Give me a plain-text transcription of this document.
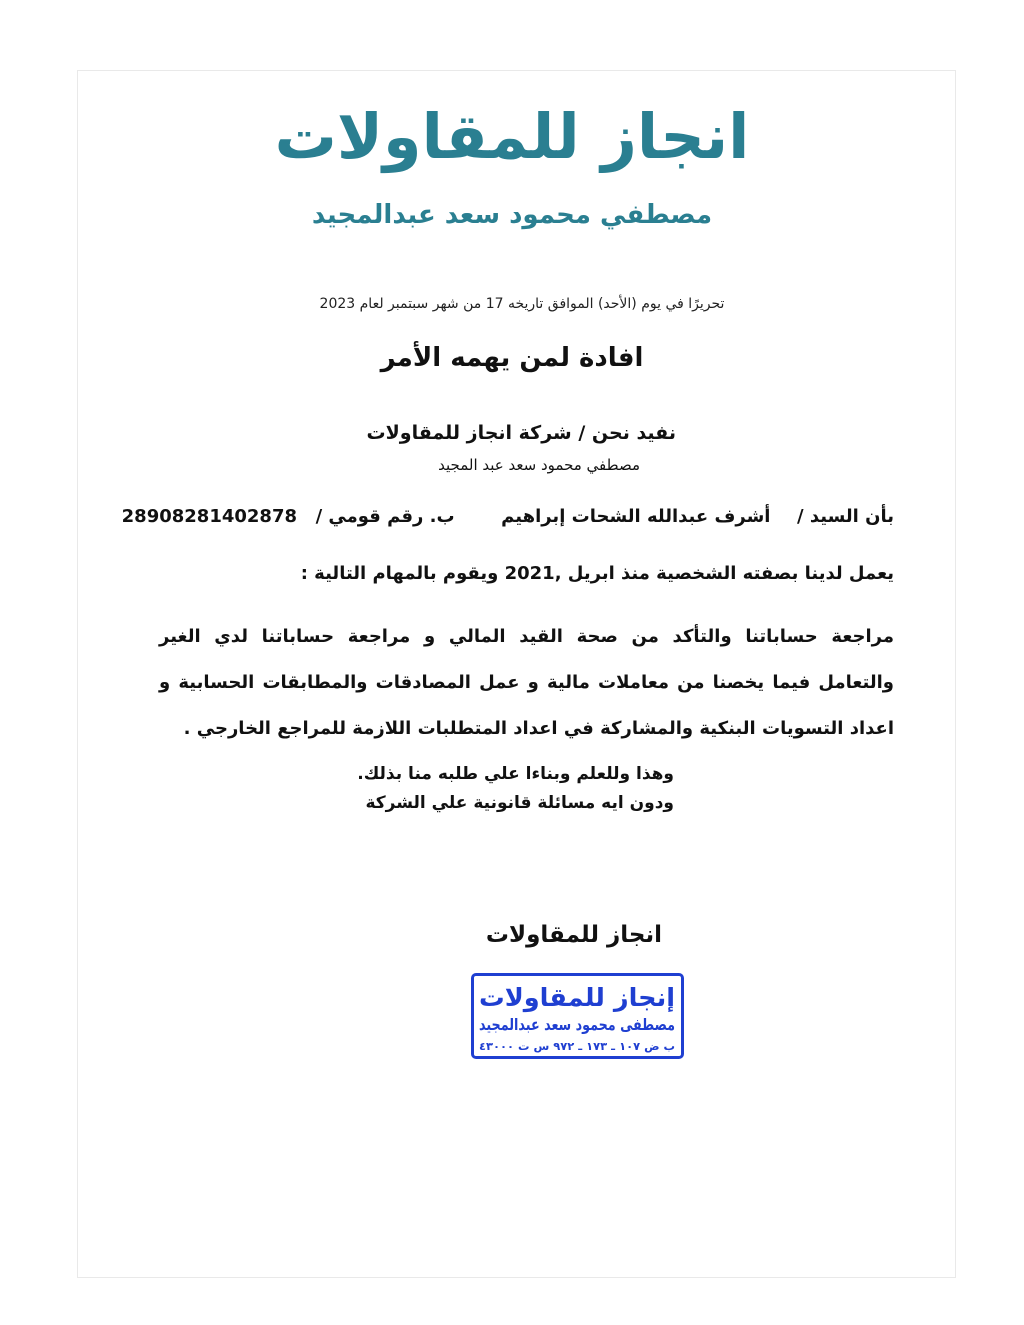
انجاز للمقاولات
مصطفي محمود سعد عبدالمجيد
تحريرًا في يوم (الأحد) الموافق تاريخه 17 من شهر سبتمبر لعام 2023
افادة لمن يهمه الأمر
نفيد نحن / شركة انجاز للمقاولات
مصطفي محمود سعد عبد المجيد
بأن السيد /  أشرف عبدالله الشحات إبراهيم  ب. رقم قومي /  28908281402878
يعمل لدينا بصفته الشخصية منذ ابريل ,2021 ويقوم بالمهام التالية :
مراجعة حساباتنا والتأكد من صحة القيد المالي و مراجعة حساباتنا لدي الغير والتعامل فيما يخصنا من معاملات مالية و عمل المصادقات والمطابقات الحسابية و اعداد التسويات البنكية والمشاركة في اعداد المتطلبات اللازمة للمراجع الخارجي .
وهذا وللعلم وبناءا علي طلبه منا بذلك.
ودون ايه مسائلة قانونية علي الشركة
انجاز للمقاولات
إنجاز للمقاولات
مصطفى محمود سعد عبدالمجيد
ب ض ١٠٧ ـ ١٧٣ ـ ٩٧٢ س ت ٤٣٠٠٠
